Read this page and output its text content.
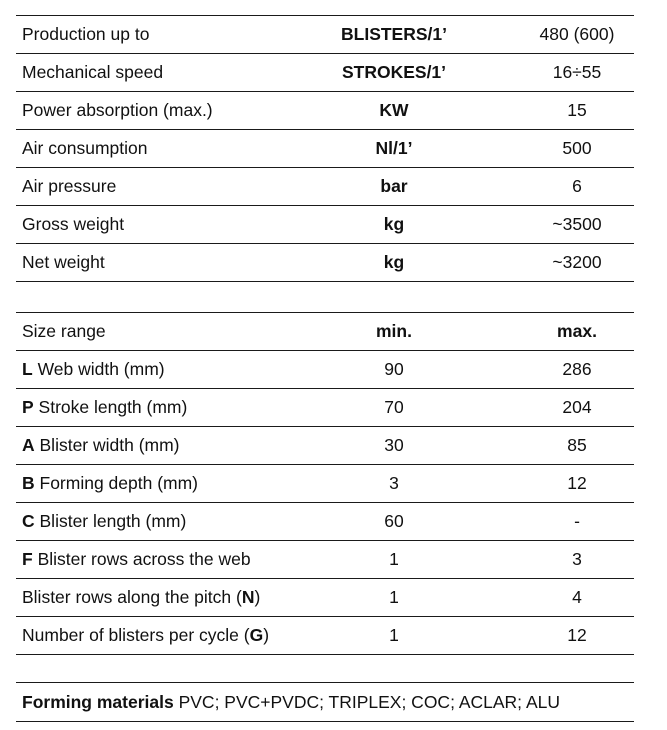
Production up to	BLISTERS/1’	480 (600)
Mechanical speed	STROKES/1’	16÷55
Power absorption (max.)	KW	15
Air consumption	Nl/1’	500
Air pressure	bar	6
Gross weight	kg	~3500
Net weight	kg	~3200
Size range	min.	max.
L Web width (mm)	90	286
P Stroke length (mm)	70	204
A Blister width (mm)	30	85
B Forming depth (mm)	3	12
C Blister length (mm)	60	-
F Blister rows across the web	1	3
Blister rows along the pitch (N)	1	4
Number of blisters per cycle (G)	1	12
Forming materials PVC; PVC+PVDC; TRIPLEX; COC; ACLAR; ALU
